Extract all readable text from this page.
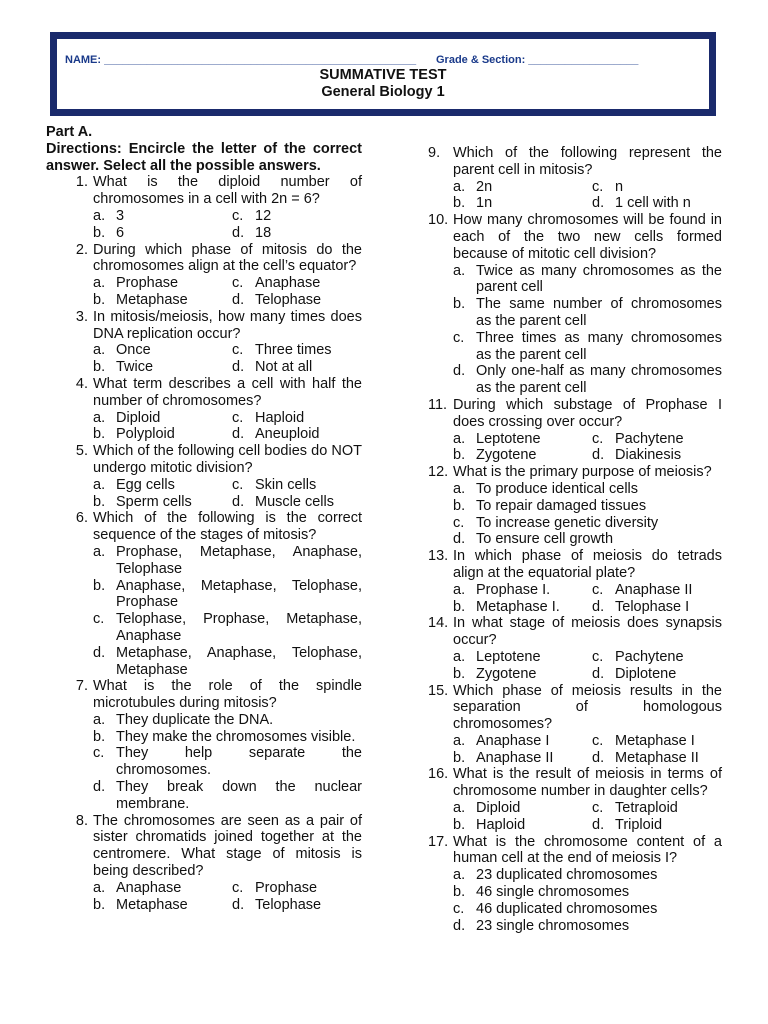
NAME: ___________________________________________________ Grade & Section: __________________
SUMMATIVE TEST
General Biology 1
Part A.
Directions: Encircle the letter of the correct answer. Select all the possible answers.
1. What is the diploid number of chromosomes in a cell with 2n = 6?
a. 3	c. 12
b. 6	d. 18
2. During which phase of mitosis do the chromosomes align at the cell’s equator?
a. Prophase	c. Anaphase
b. Metaphase	d. Telophase
3. In mitosis/meiosis, how many times does DNA replication occur?
a. Once	c. Three times
b. Twice	d. Not at all
4. What term describes a cell with half the number of chromosomes?
a. Diploid	c. Haploid
b. Polyploid	d. Aneuploid
5. Which of the following cell bodies do NOT undergo mitotic division?
a. Egg cells	c. Skin cells
b. Sperm cells	d. Muscle cells
6. Which of the following is the correct sequence of the stages of mitosis?
a. Prophase, Metaphase, Anaphase, Telophase
b. Anaphase, Metaphase, Telophase, Prophase
c. Telophase, Prophase, Metaphase, Anaphase
d. Metaphase, Anaphase, Telophase, Metaphase
7. What is the role of the spindle microtubules during mitosis?
a. They duplicate the DNA.
b. They make the chromosomes visible.
c. They help separate the chromosomes.
d. They break down the nuclear membrane.
8. The chromosomes are seen as a pair of sister chromatids joined together at the centromere. What stage of mitosis is being described?
a. Anaphase	c. Prophase
b. Metaphase	d. Telophase
9. Which of the following represent the parent cell in mitosis?
a. 2n	c. n
b. 1n	d. 1 cell with n
10. How many chromosomes will be found in each of the two new cells formed because of mitotic cell division?
a. Twice as many chromosomes as the parent cell
b. The same number of chromosomes as the parent cell
c. Three times as many chromosomes as the parent cell
d. Only one-half as many chromosomes as the parent cell
11. During which substage of Prophase I does crossing over occur?
a. Leptotene	c. Pachytene
b. Zygotene	d. Diakinesis
12. What is the primary purpose of meiosis?
a. To produce identical cells
b. To repair damaged tissues
c. To increase genetic diversity
d. To ensure cell growth
13. In which phase of meiosis do tetrads align at the equatorial plate?
a. Prophase I.	c. Anaphase II
b. Metaphase I.	d. Telophase I
14. In what stage of meiosis does synapsis occur?
a. Leptotene	c. Pachytene
b. Zygotene	d. Diplotene
15. Which phase of meiosis results in the separation of homologous chromosomes?
a. Anaphase I	c. Metaphase I
b. Anaphase II	d. Metaphase II
16. What is the result of meiosis in terms of chromosome number in daughter cells?
a. Diploid	c. Tetraploid
b. Haploid	d. Triploid
17. What is the chromosome content of a human cell at the end of meiosis I?
a. 23 duplicated chromosomes
b. 46 single chromosomes
c. 46 duplicated chromosomes
d. 23 single chromosomes
